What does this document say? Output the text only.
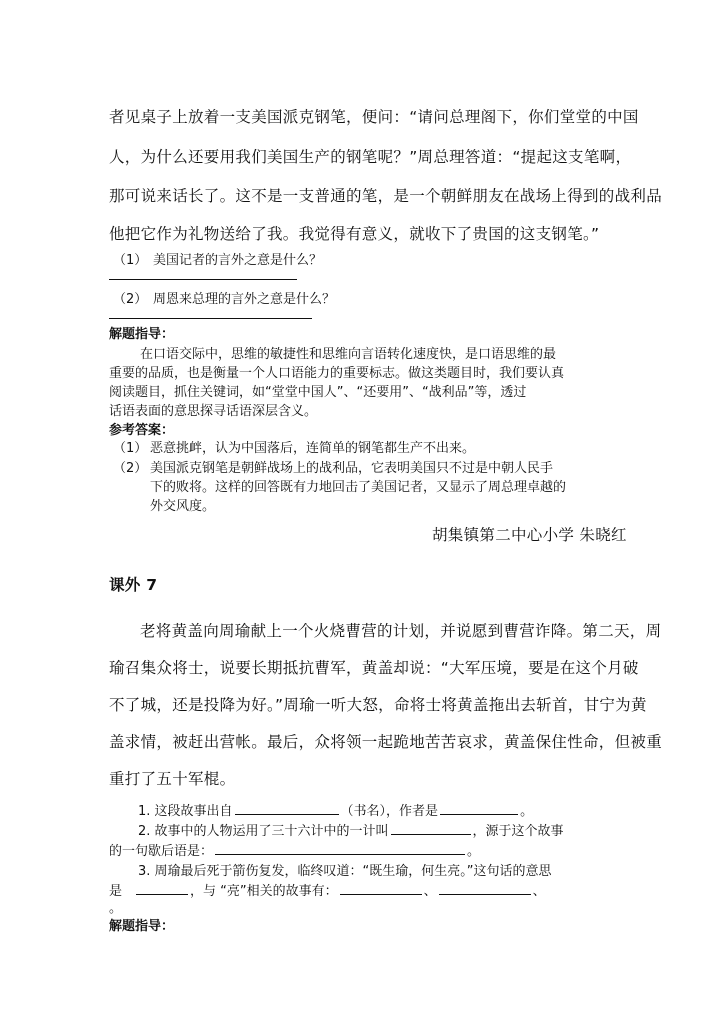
者见桌子上放着一支美国派克钢笔，便问：“请问总理阁下，你们堂堂的中国
人，为什么还要用我们美国生产的钢笔呢？”周总理答道：“提起这支笔啊，
那可说来话长了。这不是一支普通的笔，是一个朝鲜朋友在战场上得到的战利品
他把它作为礼物送给了我。我觉得有意义，就收下了贵国的这支钢笔。”
（1） 美国记者的言外之意是什么？
（2） 周恩来总理的言外之意是什么？
解题指导：
在口语交际中，思维的敏捷性和思维向言语转化速度快，是口语思维的最
重要的品质，也是衡量一个人口语能力的重要标志。做这类题目时，我们要认真
阅读题目，抓住关键词，如“堂堂中国人”、“还要用”、“战利品”等，透过
话语表面的意思探寻话语深层含义。
参考答案：
（1） 恶意挑衅，认为中国落后，连简单的钢笔都生产不出来。
（2） 美国派克钢笔是朝鲜战场上的战利品，它表明美国只不过是中朝人民手
下的败将。这样的回答既有力地回击了美国记者，又显示了周总理卓越的
外交风度。
胡集镇第二中心小学 朱晓红
课外 7
老将黄盖向周瑜献上一个火烧曹营的计划，并说愿到曹营诈降。第二天，周
瑜召集众将士，说要长期抵抗曹军，黄盖却说：“大军压境，要是在这个月破
不了城，还是投降为好。”周瑜一听大怒，命将士将黄盖拖出去斩首，甘宁为黄
盖求情，被赶出营帐。最后，众将领一起跪地苦苦哀求，黄盖保住性命，但被重
重打了五十军棍。
1. 这段故事出自	（书名），作者是	。
2. 故事中的人物运用了三十六计中的一计叫	，源于这个故事
的一句歇后语是：	。
3. 周瑜最后死于箭伤复发，临终叹道：“既生瑜，何生亮。”这句话的意思
是	，与 “亮”相关的故事有：	、	、
。
解题指导：
